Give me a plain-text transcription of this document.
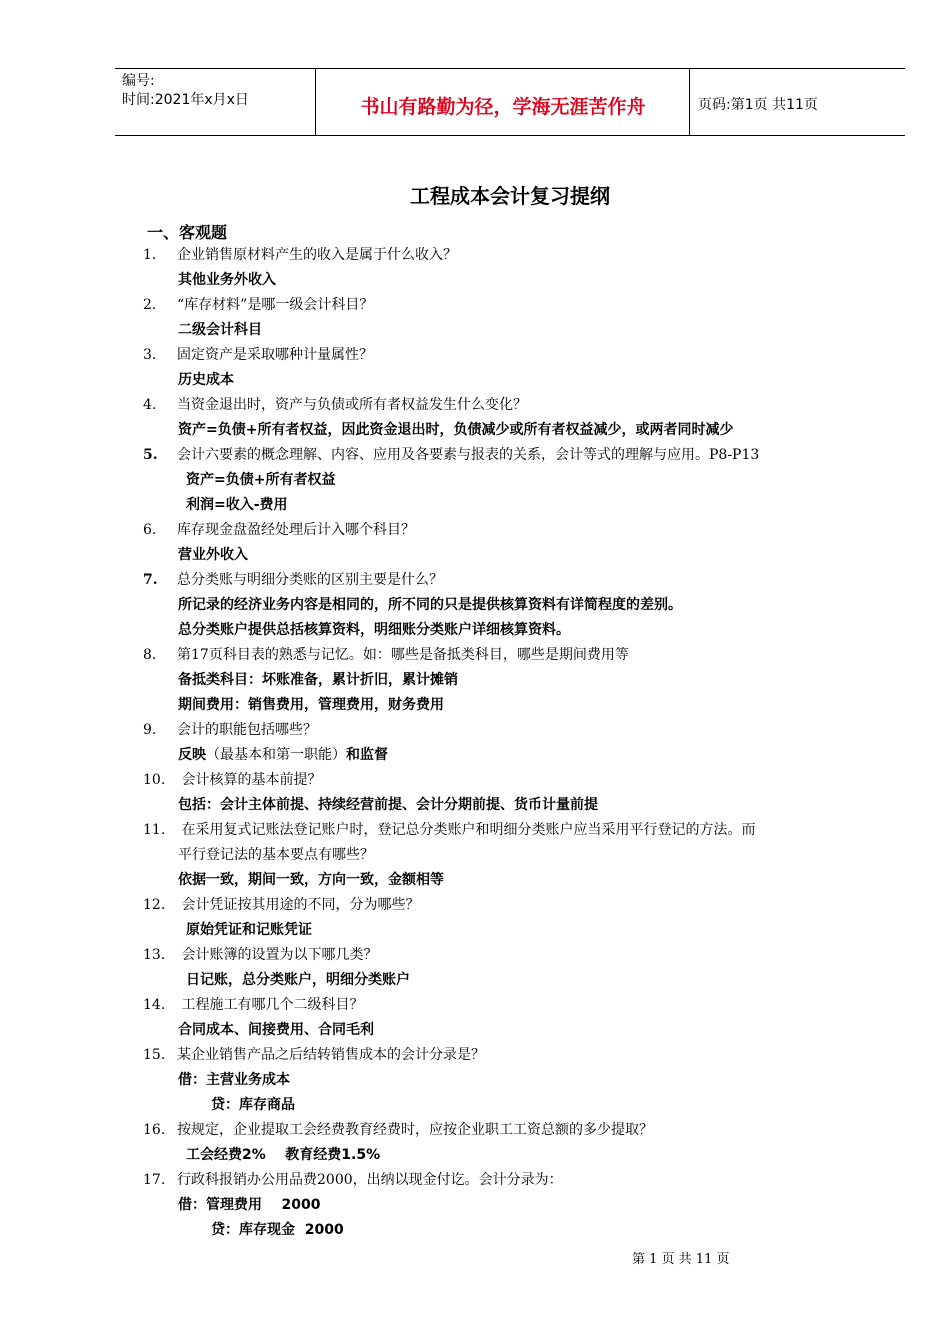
编号:
时间:2021年x月x日	书山有路勤为径，学海无涯苦作舟	页码:第1页 共11页
工程成本会计复习提纲
一、客观题
1. 企业销售原材料产生的收入是属于什么收入？
其他业务外收入
2. “库存材料”是哪一级会计科目？
二级会计科目
3. 固定资产是采取哪种计量属性？
历史成本
4. 当资金退出时，资产与负债或所有者权益发生什么变化？
资产=负债+所有者权益，因此资金退出时，负债减少或所有者权益减少，或两者同时减少
5. 会计六要素的概念理解、内容、应用及各要素与报表的关系，会计等式的理解与应用。P8-P13
资产=负债+所有者权益
利润=收入-费用
6. 库存现金盘盈经处理后计入哪个科目？
营业外收入
7. 总分类账与明细分类账的区别主要是什么？
所记录的经济业务内容是相同的，所不同的只是提供核算资料有详简程度的差别。
总分类账户提供总括核算资料，明细账分类账户详细核算资料。
8. 第17页科目表的熟悉与记忆。如：哪些是备抵类科目，哪些是期间费用等
备抵类科目：坏账准备，累计折旧，累计摊销
期间费用：销售费用，管理费用，财务费用
9. 会计的职能包括哪些？
反映（最基本和第一职能）和监督
10. 会计核算的基本前提？
包括：会计主体前提、持续经营前提、会计分期前提、货币计量前提
11. 在采用复式记账法登记账户时，登记总分类账户和明细分类账户应当采用平行登记的方法。而
平行登记法的基本要点有哪些？
依据一致，期间一致，方向一致，金额相等
12. 会计凭证按其用途的不同，分为哪些？
原始凭证和记账凭证
13. 会计账簿的设置为以下哪几类？
日记账，总分类账户，明细分类账户
14. 工程施工有哪几个二级科目？
合同成本、间接费用、合同毛利
15. 某企业销售产品之后结转销售成本的会计分录是？
借：主营业务成本
贷：库存商品
16. 按规定，企业提取工会经费教育经费时，应按企业职工工资总额的多少提取？
工会经费2%    教育经费1.5%
17. 行政科报销办公用品费2000，出纳以现金付讫。会计分录为：
借：管理费用    2000
贷：库存现金  2000
第 1 页 共 11 页
